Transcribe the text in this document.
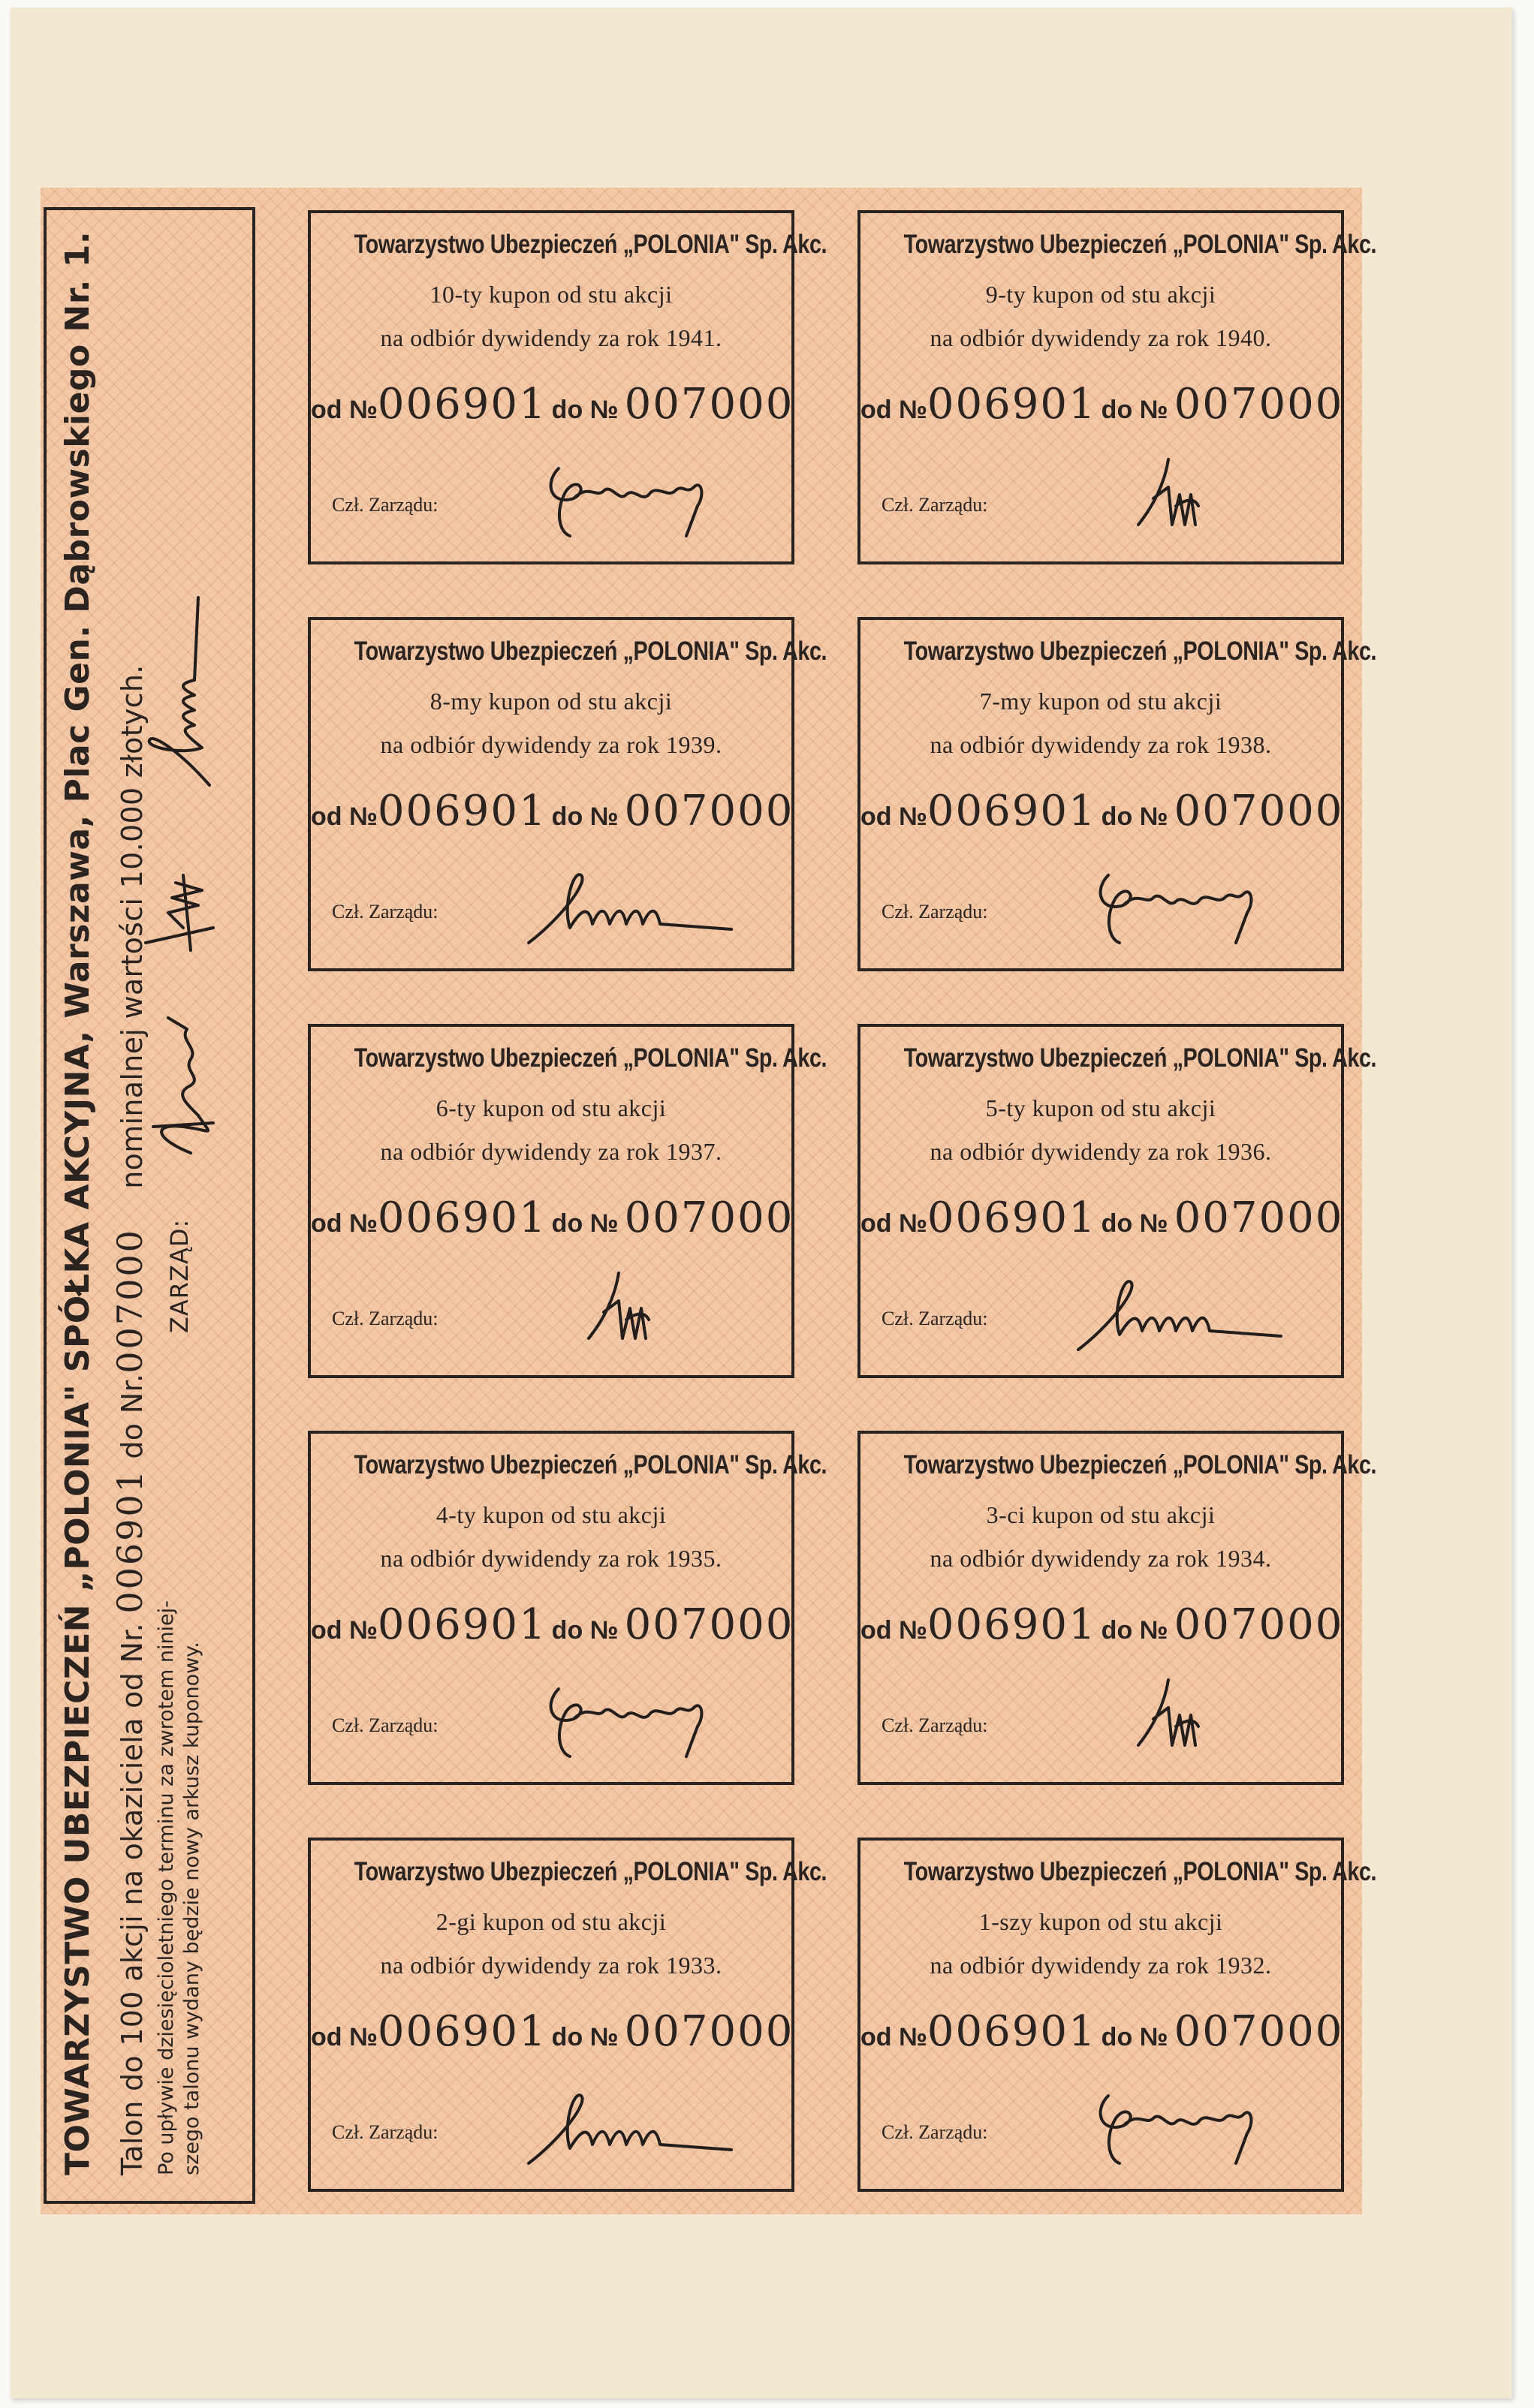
TOWARZYSTWO UBEZPIECZEŃ „POLONIA" SPÓŁKA AKCYJNA, Warszawa, Plac Gen. Dąbrowskiego Nr. 1. Talon do 100 akcji na okaziciela od Nr. 006901 do Nr.007000 nominalnej wartości 10.000 złotych.
Po upływie dziesięcioletniego terminu za zwrotem niniej- szego talonu wydany będzie nowy arkusz kuponowy.
ZARZĄD:
Towarzystwo Ubezpieczeń „POLONIA" Sp. Akc.
10-ty kupon od stu akcji
na odbiór dywidendy za rok 1941.
od №006901 do № 007000
Czł. Zarządu:
Towarzystwo Ubezpieczeń „POLONIA" Sp. Akc.
9-ty kupon od stu akcji
na odbiór dywidendy za rok 1940.
od №006901 do № 007000
Czł. Zarządu:
Towarzystwo Ubezpieczeń „POLONIA" Sp. Akc.
8-my kupon od stu akcji
na odbiór dywidendy za rok 1939.
od №006901 do № 007000
Czł. Zarządu:
Towarzystwo Ubezpieczeń „POLONIA" Sp. Akc.
7-my kupon od stu akcji
na odbiór dywidendy za rok 1938.
od №006901 do № 007000
Czł. Zarządu:
Towarzystwo Ubezpieczeń „POLONIA" Sp. Akc.
6-ty kupon od stu akcji
na odbiór dywidendy za rok 1937.
od №006901 do № 007000
Czł. Zarządu:
Towarzystwo Ubezpieczeń „POLONIA" Sp. Akc.
5-ty kupon od stu akcji
na odbiór dywidendy za rok 1936.
od №006901 do № 007000
Czł. Zarządu:
Towarzystwo Ubezpieczeń „POLONIA" Sp. Akc.
4-ty kupon od stu akcji
na odbiór dywidendy za rok 1935.
od №006901 do № 007000
Czł. Zarządu:
Towarzystwo Ubezpieczeń „POLONIA" Sp. Akc.
3-ci kupon od stu akcji
na odbiór dywidendy za rok 1934.
od №006901 do № 007000
Czł. Zarządu:
Towarzystwo Ubezpieczeń „POLONIA" Sp. Akc.
2-gi kupon od stu akcji
na odbiór dywidendy za rok 1933.
od №006901 do № 007000
Czł. Zarządu:
Towarzystwo Ubezpieczeń „POLONIA" Sp. Akc.
1-szy kupon od stu akcji
na odbiór dywidendy za rok 1932.
od №006901 do № 007000
Czł. Zarządu:
